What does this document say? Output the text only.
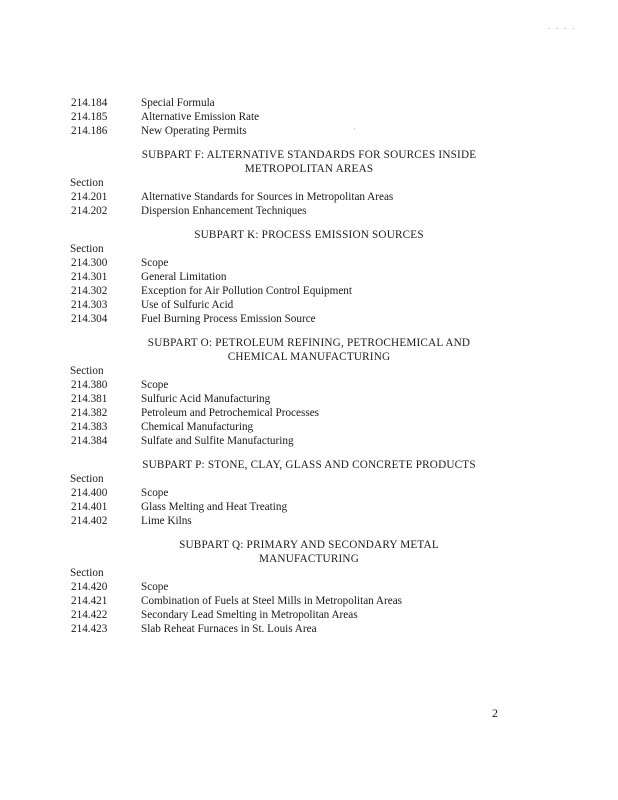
· · · ·
'
214.184	Special Formula
214.185	Alternative Emission Rate
214.186	New Operating Permits
SUBPART F: ALTERNATIVE STANDARDS FOR SOURCES INSIDE
METROPOLITAN AREAS
Section
214.201	Alternative Standards for Sources in Metropolitan Areas
214.202	Dispersion Enhancement Techniques
SUBPART K: PROCESS EMISSION SOURCES
Section
214.300	Scope
214.301	General Limitation
214.302	Exception for Air Pollution Control Equipment
214.303	Use of Sulfuric Acid
214.304	Fuel Burning Process Emission Source
SUBPART O: PETROLEUM REFINING, PETROCHEMICAL AND
CHEMICAL MANUFACTURING
Section
214.380	Scope
214.381	Sulfuric Acid Manufacturing
214.382	Petroleum and Petrochemical Processes
214.383	Chemical Manufacturing
214.384	Sulfate and Sulfite Manufacturing
SUBPART P: STONE, CLAY, GLASS AND CONCRETE PRODUCTS
Section
214.400	Scope
214.401	Glass Melting and Heat Treating
214.402	Lime Kilns
SUBPART Q: PRIMARY AND SECONDARY METAL
MANUFACTURING
Section
214.420	Scope
214.421	Combination of Fuels at Steel Mills in Metropolitan Areas
214.422	Secondary Lead Smelting in Metropolitan Areas
214.423	Slab Reheat Furnaces in St. Louis Area
2
